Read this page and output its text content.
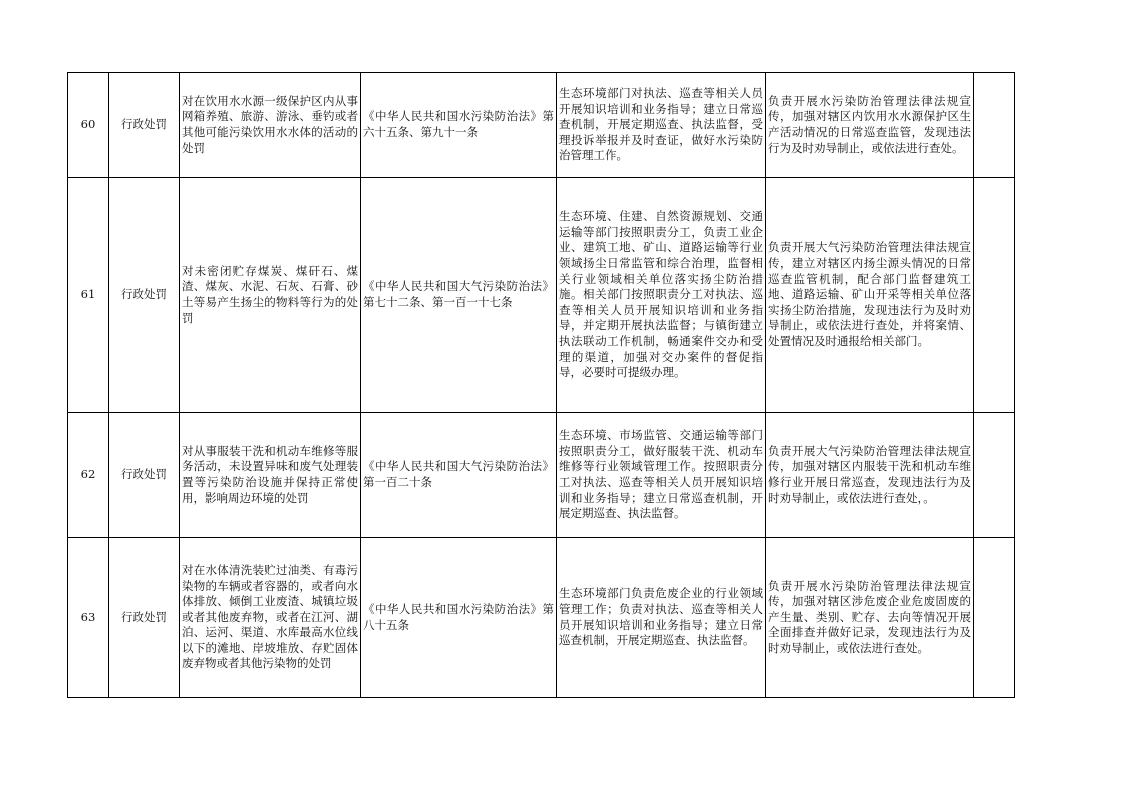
60	行政处罚	对在饮用水水源一级保护区内从事网箱养殖、旅游、游泳、垂钓或者其他可能污染饮用水水体的活动的处罚	《中华人民共和国水污染防治法》第六十五条、第九十一条	生态环境部门对执法、巡查等相关人员开展知识培训和业务指导；建立日常巡查机制，开展定期巡查、执法监督，受理投诉举报并及时查证，做好水污染防治管理工作。	负责开展水污染防治管理法律法规宣传，加强对辖区内饮用水水源保护区生产活动情况的日常巡查监管，发现违法行为及时劝导制止，或依法进行查处。	
61	行政处罚	对未密闭贮存煤炭、煤矸石、煤渣、煤灰、水泥、石灰、石膏、砂土等易产生扬尘的物料等行为的处罚	《中华人民共和国大气污染防治法》第七十二条、第一百一十七条	生态环境、住建、自然资源规划、交通运输等部门按照职责分工，负责工业企业、建筑工地、矿山、道路运输等行业领域扬尘日常监管和综合治理，监督相关行业领域相关单位落实扬尘防治措施。相关部门按照职责分工对执法、巡查等相关人员开展知识培训和业务指导，并定期开展执法监督；与镇街建立执法联动工作机制，畅通案件交办和受理的渠道，加强对交办案件的督促指导，必要时可提级办理。	负责开展大气污染防治管理法律法规宣传，建立对辖区内扬尘源头情况的日常巡查监管机制，配合部门监督建筑工地、道路运输、矿山开采等相关单位落实扬尘防治措施，发现违法行为及时劝导制止，或依法进行查处，并将案情、处置情况及时通报给相关部门。	
62	行政处罚	对从事服装干洗和机动车维修等服务活动，未设置异味和废气处理装置等污染防治设施并保持正常使用，影响周边环境的处罚	《中华人民共和国大气污染防治法》第一百二十条	生态环境、市场监管、交通运输等部门按照职责分工，做好服装干洗、机动车维修等行业领域管理工作。按照职责分工对执法、巡查等相关人员开展知识培训和业务指导；建立日常巡查机制，开展定期巡查、执法监督。	负责开展大气污染防治管理法律法规宣传，加强对辖区内服装干洗和机动车维修行业开展日常巡查，发现违法行为及时劝导制止，或依法进行查处，。	
63	行政处罚	对在水体清洗装贮过油类、有毒污染物的车辆或者容器的，或者向水体排放、倾倒工业废渣、城镇垃圾或者其他废弃物，或者在江河、湖泊、运河、渠道、水库最高水位线以下的滩地、岸坡堆放、存贮固体废弃物或者其他污染物的处罚	《中华人民共和国水污染防治法》第八十五条	生态环境部门负责危废企业的行业领域管理工作；负责对执法、巡查等相关人员开展知识培训和业务指导；建立日常巡查机制，开展定期巡查、执法监督。	负责开展水污染防治管理法律法规宣传，加强对辖区涉危废企业危废固废的产生量、类别、贮存、去向等情况开展全面排查并做好记录，发现违法行为及时劝导制止，或依法进行查处。	
